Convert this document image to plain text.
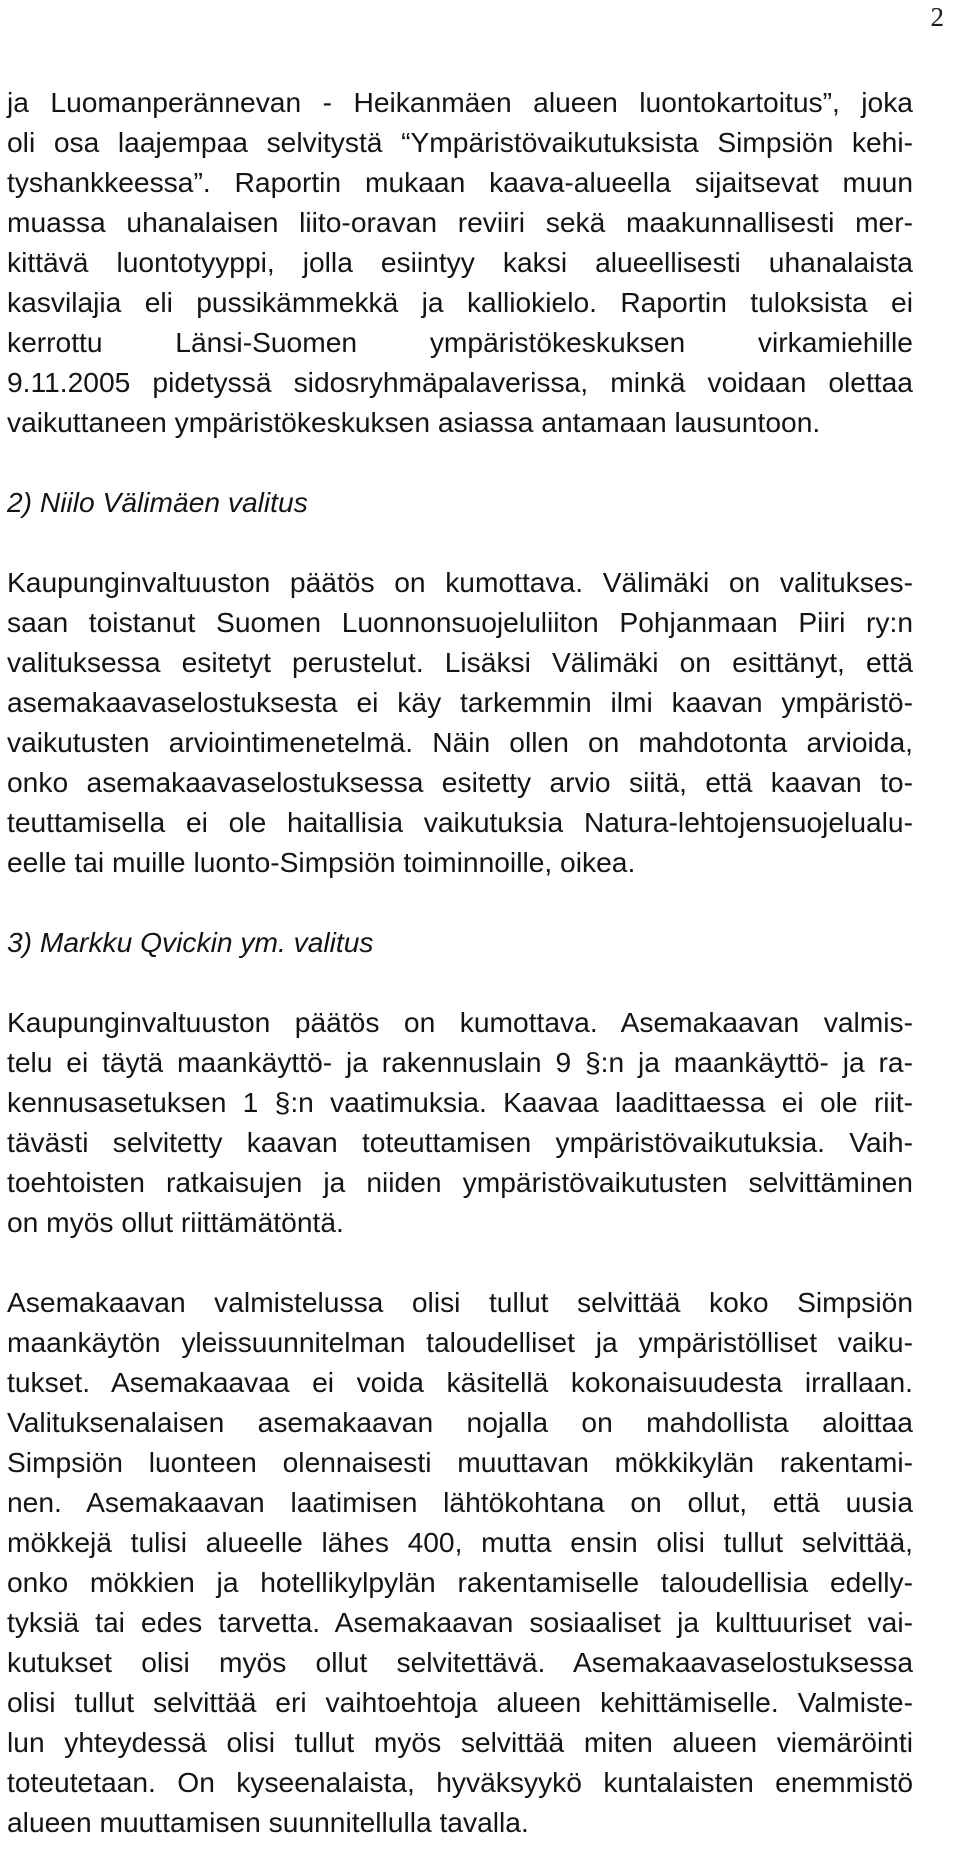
2

ja Luomanperännevan - Heikanmäen alueen luontokartoitus”, joka
oli osa laajempaa selvitystä “Ympäristövaikutuksista Simpsiön kehi-
tyshankkeessa”. Raportin mukaan kaava-alueella sijaitsevat muun
muassa uhanalaisen liito-oravan reviiri sekä maakunnallisesti mer-
kittävä luontotyyppi, jolla esiintyy kaksi alueellisesti uhanalaista
kasvilajia eli pussikämmekkä ja kalliokielo. Raportin tuloksista ei
kerrottu Länsi-Suomen ympäristökeskuksen virkamiehille
9.11.2005 pidetyssä sidosryhmäpalaverissa, minkä voidaan olettaa
vaikuttaneen ympäristökeskuksen asiassa antamaan lausuntoon.

2) Niilo Välimäen valitus

Kaupunginvaltuuston päätös on kumottava. Välimäki on valitukses-
saan toistanut Suomen Luonnonsuojeluliiton Pohjanmaan Piiri ry:n
valituksessa esitetyt perustelut. Lisäksi Välimäki on esittänyt, että
asemakaavaselostuksesta ei käy tarkemmin ilmi kaavan ympäristö-
vaikutusten arviointimenetelmä. Näin ollen on mahdotonta arvioida,
onko asemakaavaselostuksessa esitetty arvio siitä, että kaavan to-
teuttamisella ei ole haitallisia vaikutuksia Natura-lehtojensuojelualu-
eelle tai muille luonto-Simpsiön toiminnoille, oikea.

3) Markku Qvickin ym. valitus

Kaupunginvaltuuston päätös on kumottava. Asemakaavan valmis-
telu ei täytä maankäyttö- ja rakennuslain 9 §:n ja maankäyttö- ja ra-
kennusasetuksen 1 §:n vaatimuksia. Kaavaa laadittaessa ei ole riit-
tävästi selvitetty kaavan toteuttamisen ympäristövaikutuksia. Vaih-
toehtoisten ratkaisujen ja niiden ympäristövaikutusten selvittäminen
on myös ollut riittämätöntä.

Asemakaavan valmistelussa olisi tullut selvittää koko Simpsiön
maankäytön yleissuunnitelman taloudelliset ja ympäristölliset vaiku-
tukset. Asemakaavaa ei voida käsitellä kokonaisuudesta irrallaan.
Valituksenalaisen asemakaavan nojalla on mahdollista aloittaa
Simpsiön luonteen olennaisesti muuttavan mökkikylän rakentami-
nen. Asemakaavan laatimisen lähtökohtana on ollut, että uusia
mökkejä tulisi alueelle lähes 400, mutta ensin olisi tullut selvittää,
onko mökkien ja hotellikylpylän rakentamiselle taloudellisia edelly-
tyksiä tai edes tarvetta. Asemakaavan sosiaaliset ja kulttuuriset vai-
kutukset olisi myös ollut selvitettävä. Asemakaavaselostuksessa
olisi tullut selvittää eri vaihtoehtoja alueen kehittämiselle. Valmiste-
lun yhteydessä olisi tullut myös selvittää miten alueen viemäröinti
toteutetaan. On kyseenalaista, hyväksyykö kuntalaisten enemmistö
alueen muuttamisen suunnitellulla tavalla.
